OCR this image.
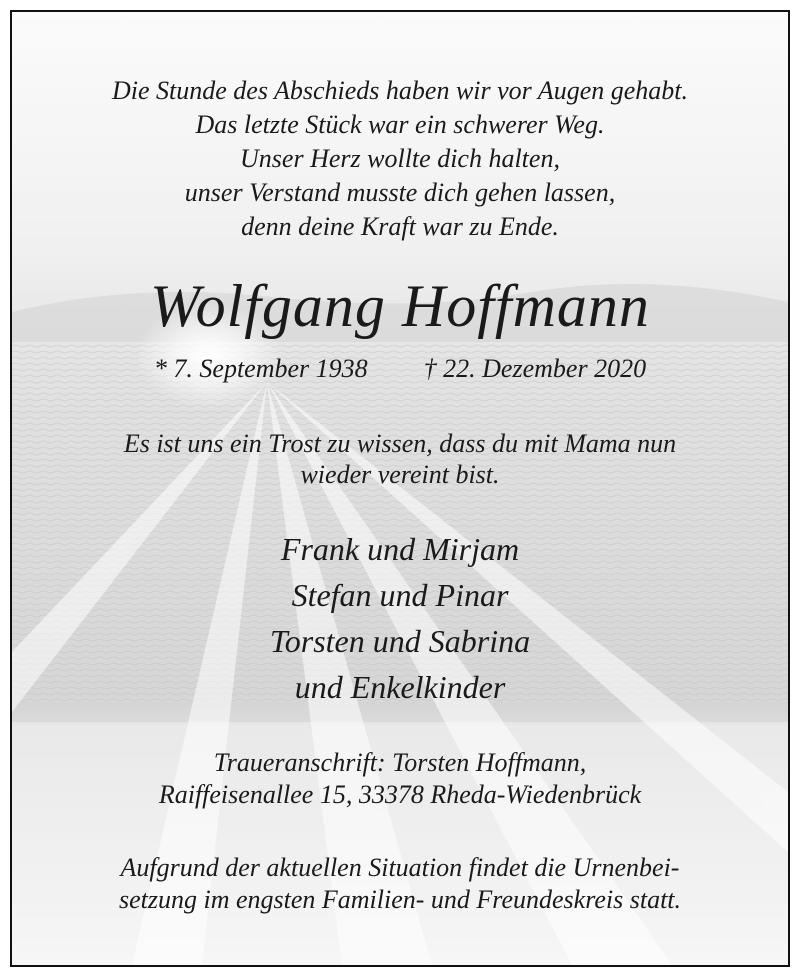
Die Stunde des Abschieds haben wir vor Augen gehabt.
Das letzte Stück war ein schwerer Weg.
Unser Herz wollte dich halten,
unser Verstand musste dich gehen lassen,
denn deine Kraft war zu Ende.
Wolfgang Hoffmann
* 7. September 1938 † 22. Dezember 2020
Es ist uns ein Trost zu wissen, dass du mit Mama nun
wieder vereint bist.
Frank und Mirjam
Stefan und Pinar
Torsten und Sabrina
und Enkelkinder
Traueranschrift: Torsten Hoffmann,
Raiffeisenallee 15, 33378 Rheda-Wiedenbrück
Aufgrund der aktuellen Situation findet die Urnenbei-
setzung im engsten Familien- und Freundeskreis statt.
